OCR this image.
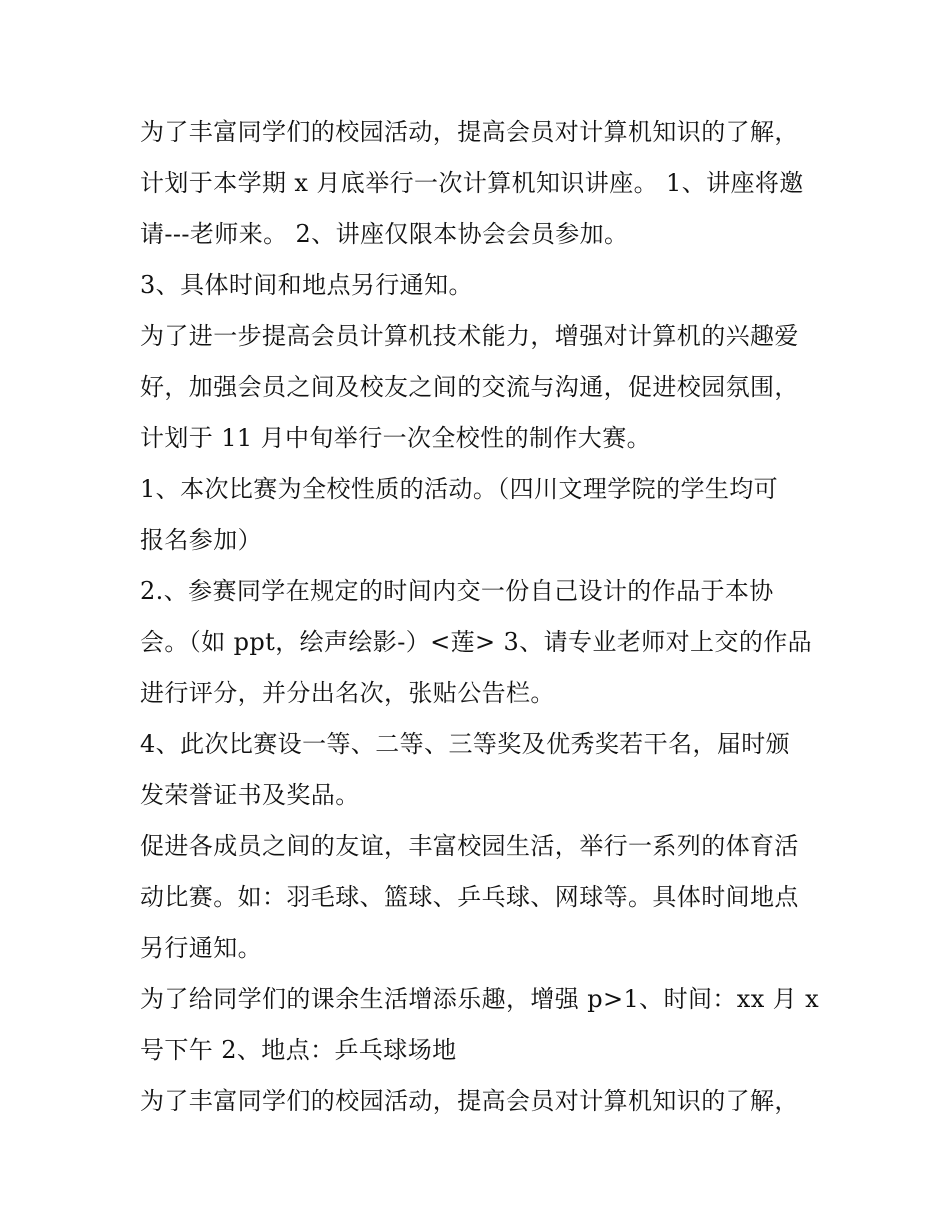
为了丰富同学们的校园活动，提高会员对计算机知识的了解，
计划于本学期 x 月底举行一次计算机知识讲座。 1、讲座将邀
请---老师来。 2、讲座仅限本协会会员参加。
3、具体时间和地点另行通知。
为了进一步提高会员计算机技术能力，增强对计算机的兴趣爱
好，加强会员之间及校友之间的交流与沟通，促进校园氛围，
计划于 11 月中旬举行一次全校性的制作大赛。
1、本次比赛为全校性质的活动。（四川文理学院的学生均可
报名参加）
2.、参赛同学在规定的时间内交一份自己设计的作品于本协
会。（如 ppt，绘声绘影-）<莲> 3、请专业老师对上交的作品
进行评分，并分出名次，张贴公告栏。
4、此次比赛设一等、二等、三等奖及优秀奖若干名，届时颁
发荣誉证书及奖品。
促进各成员之间的友谊，丰富校园生活，举行一系列的体育活
动比赛。如：羽毛球、篮球、乒乓球、网球等。具体时间地点
另行通知。
为了给同学们的课余生活增添乐趣，增强 p>1、时间：xx 月 x
号下午 2、地点：乒乓球场地
为了丰富同学们的校园活动，提高会员对计算机知识的了解，
